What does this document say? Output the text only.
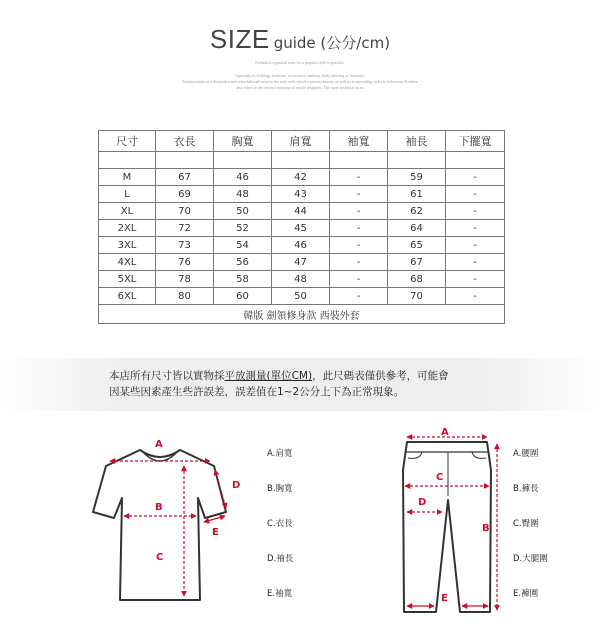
SIZE guide (公分/cm)
Fashion is a general term for a popular style or practice,
especially in clothing, footwear, accessories, makeup, body piercing or furniture.
Fashion refers to a distinctive and often habitual trend in the style with which a person dresses, as well as to prevailing styles in behaviour. Fashion
also refers to the newest creations of textile designers. The more technical term,
尺寸	衣長	胸寬	肩寬	袖寬	袖長	下擺寬

M	67	46	42	-	59	-
L	69	48	43	-	61	-
XL	70	50	44	-	62	-
2XL	72	52	45	-	64	-
3XL	73	54	46	-	65	-
4XL	76	56	47	-	67	-
5XL	78	58	48	-	68	-
6XL	80	60	50	-	70	-
韓版 劍領修身款 西裝外套						

本店所有尺寸皆以實物採平放測量(單位CM)，此尺碼表僅供參考，可能會
因某些因素產生些許誤差，誤差值在1~2公分上下為正常現象。

A
B
C
D
E
A
B
C
D
E
A.肩寬
B.胸寬
C.衣長
D.袖長
E.袖寬
A.腰圍
B.褲長
C.臀圍
D.大腿圍
E.褲圍
